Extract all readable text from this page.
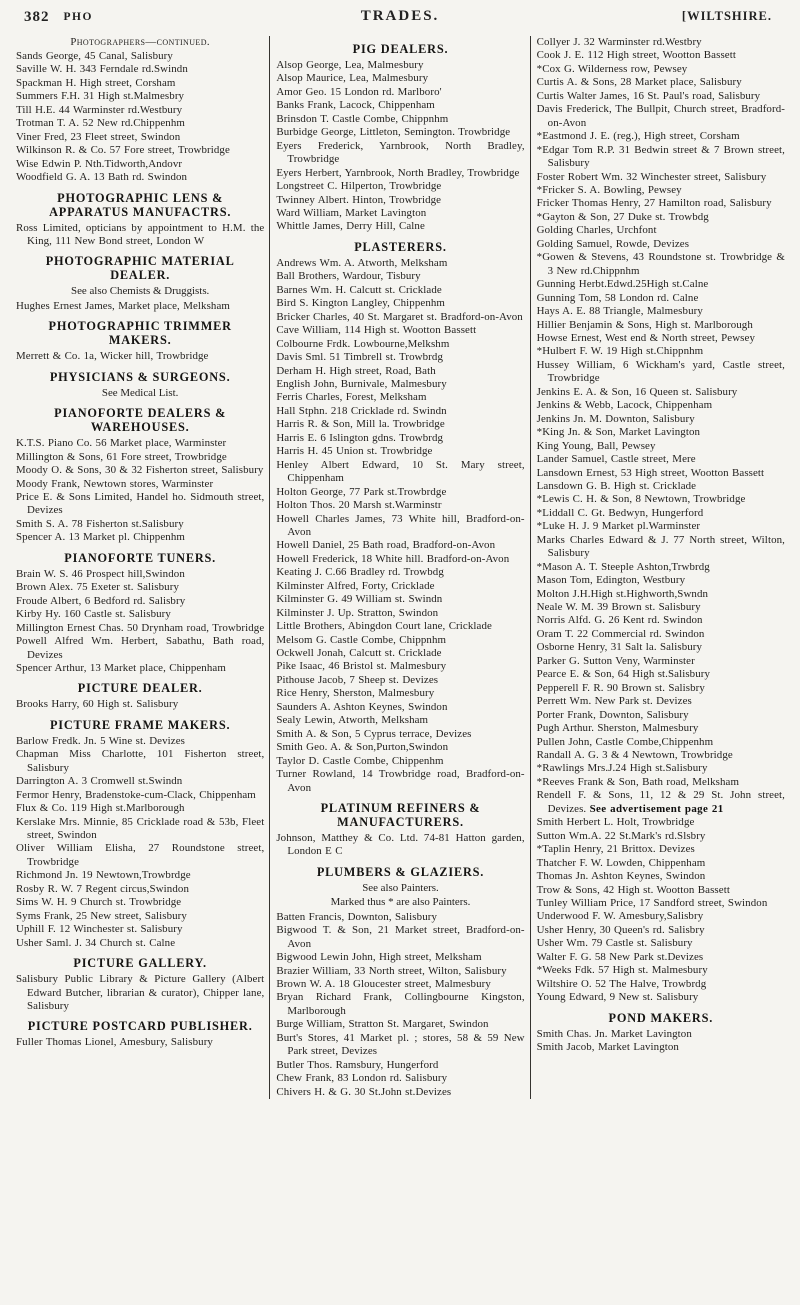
382 PHO	TRADES.	[WILTSHIRE.
Photographers—continued.

Sands George, 45 Canal, Salisbury

Saville W. H. 343 Ferndale rd.Swindn

Spackman H. High street, Corsham

Summers F.H. 31 High st.Malmesbry

Till H.E. 44 Warminster rd.Westbury

Trotman T. A. 52 New rd.Chippenhm

Viner Fred, 23 Fleet street, Swindon

Wilkinson R. & Co. 57 Fore street, Trowbridge

Wise Edwin P. Nth.Tidworth,Andovr

Woodfield G. A. 13 Bath rd. Swindon

PHOTOGRAPHIC LENS & APPARATUS MANUFACTRS.

Ross Limited, opticians by appointment to H.M. the King, 111 New Bond street, London W

PHOTOGRAPHIC MATERIAL DEALER.
See also Chemists & Druggists.

Hughes Ernest James, Market place, Melksham

PHOTOGRAPHIC TRIMMER MAKERS.

Merrett & Co. 1a, Wicker hill, Trowbridge

PHYSICIANS & SURGEONS.
See Medical List.
PIANOFORTE DEALERS & WAREHOUSES.

K.T.S. Piano Co. 56 Market place, Warminster

Millington & Sons, 61 Fore street, Trowbridge

Moody O. & Sons, 30 & 32 Fisherton street, Salisbury

Moody Frank, Newtown stores, Warminster

Price E. & Sons Limited, Handel ho. Sidmouth street, Devizes

Smith S. A. 78 Fisherton st.Salisbury

Spencer A. 13 Market pl. Chippenhm

PIANOFORTE TUNERS.

Brain W. S. 46 Prospect hill,Swindon

Brown Alex. 75 Exeter st. Salisbury

Froude Albert, 6 Bedford rd. Salisbry

Kirby Hy. 160 Castle st. Salisbury

Millington Ernest Chas. 50 Drynham road, Trowbridge

Powell Alfred Wm. Herbert, Sabathu, Bath road, Devizes

Spencer Arthur, 13 Market place, Chippenham

PICTURE DEALER.

Brooks Harry, 60 High st. Salisbury

PICTURE FRAME MAKERS.

Barlow Fredk. Jn. 5 Wine st. Devizes

Chapman Miss Charlotte, 101 Fisherton street, Salisbury

Darrington A. 3 Cromwell st.Swindn

Fermor Henry, Bradenstoke-cum-Clack, Chippenham

Flux & Co. 119 High st.Marlborough

Kerslake Mrs. Minnie, 85 Cricklade road & 53b, Fleet street, Swindon

Oliver William Elisha, 27 Roundstone street, Trowbridge

Richmond Jn. 19 Newtown,Trowbrdge

Rosby R. W. 7 Regent circus,Swindon

Sims W. H. 9 Church st. Trowbridge

Syms Frank, 25 New street, Salisbury

Uphill F. 12 Winchester st. Salisbury

Usher Saml. J. 34 Church st. Calne

PICTURE GALLERY.

Salisbury Public Library & Picture Gallery (Albert Edward Butcher, librarian & curator), Chipper lane, Salisbury

PICTURE POSTCARD PUBLISHER.

Fuller Thomas Lionel, Amesbury, Salisbury

PIG DEALERS.

Alsop George, Lea, Malmesbury

Alsop Maurice, Lea, Malmesbury

Amor Geo. 15 London rd. Marlboro'

Banks Frank, Lacock, Chippenham

Brinsdon T. Castle Combe, Chippnhm

Burbidge George, Littleton, Semington. Trowbridge

Eyers Frederick, Yarnbrook, North Bradley, Trowbridge

Eyers Herbert, Yarnbrook, North Bradley, Trowbridge

Longstreet C. Hilperton, Trowbridge

Twinney Albert. Hinton, Trowbridge

Ward William, Market Lavington

Whittle James, Derry Hill, Calne

PLASTERERS.

Andrews Wm. A. Atworth, Melksham

Ball Brothers, Wardour, Tisbury

Barnes Wm. H. Calcutt st. Cricklade

Bird S. Kington Langley, Chippenhm

Bricker Charles, 40 St. Margaret st. Bradford-on-Avon

Cave William, 114 High st. Wootton Bassett

Colbourne Frdk. Lowbourne,Melkshm

Davis Sml. 51 Timbrell st. Trowbrdg

Derham H. High street, Road, Bath

English John, Burnivale, Malmesbury

Ferris Charles, Forest, Melksham

Hall Stphn. 218 Cricklade rd. Swindn

Harris R. & Son, Mill la. Trowbridge

Harris E. 6 Islington gdns. Trowbrdg

Harris H. 45 Union st. Trowbridge

Henley Albert Edward, 10 St. Mary street, Chippenham

Holton George, 77 Park st.Trowbrdge

Holton Thos. 20 Marsh st.Warminstr

Howell Charles James, 73 White hill, Bradford-on-Avon

Howell Daniel, 25 Bath road, Bradford-on-Avon

Howell Frederick, 18 White hill. Bradford-on-Avon

Keating J. C.66 Bradley rd. Trowbdg

Kilminster Alfred, Forty, Cricklade

Kilminster G. 49 William st. Swindn

Kilminster J. Up. Stratton, Swindon

Little Brothers, Abingdon Court lane, Cricklade

Melsom G. Castle Combe, Chippnhm

Ockwell Jonah, Calcutt st. Cricklade

Pike Isaac, 46 Bristol st. Malmesbury

Pithouse Jacob, 7 Sheep st. Devizes

Rice Henry, Sherston, Malmesbury

Saunders A. Ashton Keynes, Swindon

Sealy Lewin, Atworth, Melksham

Smith A. & Son, 5 Cyprus terrace, Devizes

Smith Geo. A. & Son,Purton,Swindon

Taylor D. Castle Combe, Chippenhm

Turner Rowland, 14 Trowbridge road, Bradford-on-Avon

PLATINUM REFINERS & MANUFACTURERS.

Johnson, Matthey & Co. Ltd. 74-81 Hatton garden, London E C

PLUMBERS & GLAZIERS.
See also Painters.
Marked thus * are also Painters.

Batten Francis, Downton, Salisbury

Bigwood T. & Son, 21 Market street, Bradford-on-Avon

Bigwood Lewin John, High street, Melksham

Brazier William, 33 North street, Wilton, Salisbury

Brown W. A. 18 Gloucester street, Malmesbury

Bryan Richard Frank, Collingbourne Kingston, Marlborough

Burge William, Stratton St. Margaret, Swindon

Burt's Stores, 41 Market pl. ; stores, 58 & 59 New Park street, Devizes

Butler Thos. Ramsbury, Hungerford

Chew Frank, 83 London rd. Salisbury

Chivers H. & G. 30 St.John st.Devizes

Collyer J. 32 Warminster rd.Westbry

Cook J. E. 112 High street, Wootton Bassett

*Cox G. Wilderness row, Pewsey

Curtis A. & Sons, 28 Market place, Salisbury

Curtis Walter James, 16 St. Paul's road, Salisbury

Davis Frederick, The Bullpit, Church street, Bradford-on-Avon

*Eastmond J. E. (reg.), High street, Corsham

*Edgar Tom R.P. 31 Bedwin street & 7 Brown street, Salisbury

Foster Robert Wm. 32 Winchester street, Salisbury

*Fricker S. A. Bowling, Pewsey

Fricker Thomas Henry, 27 Hamilton road, Salisbury

*Gayton & Son, 27 Duke st. Trowbdg

Golding Charles, Urchfont

Golding Samuel, Rowde, Devizes

*Gowen & Stevens, 43 Roundstone st. Trowbridge & 3 New rd.Chippnhm

Gunning Herbt.Edwd.25High st.Calne

Gunning Tom, 58 London rd. Calne

Hays A. E. 88 Triangle, Malmesbury

Hillier Benjamin & Sons, High st. Marlborough

Howse Ernest, West end & North street, Pewsey

*Hulbert F. W. 19 High st.Chippnhm

Hussey William, 6 Wickham's yard, Castle street, Trowbridge

Jenkins E. A. & Son, 16 Queen st. Salisbury

Jenkins & Webb, Lacock, Chippenham

Jenkins Jn. M. Downton, Salisbury

*King Jn. & Son, Market Lavington

King Young, Ball, Pewsey

Lander Samuel, Castle street, Mere

Lansdown Ernest, 53 High street, Wootton Bassett

Lansdown G. B. High st. Cricklade

*Lewis C. H. & Son, 8 Newtown, Trowbridge

*Liddall C. Gt. Bedwyn, Hungerford

*Luke H. J. 9 Market pl.Warminster

Marks Charles Edward & J. 77 North street, Wilton, Salisbury

*Mason A. T. Steeple Ashton,Trwbrdg

Mason Tom, Edington, Westbury

Molton J.H.High st.Highworth,Swndn

Neale W. M. 39 Brown st. Salisbury

Norris Alfd. G. 26 Kent rd. Swindon

Oram T. 22 Commercial rd. Swindon

Osborne Henry, 31 Salt la. Salisbury

Parker G. Sutton Veny, Warminster

Pearce E. & Son, 64 High st.Salisbury

Pepperell F. R. 90 Brown st. Salisbry

Perrett Wm. New Park st. Devizes

Porter Frank, Downton, Salisbury

Pugh Arthur. Sherston, Malmesbury

Pullen John, Castle Combe,Chippenhm

Randall A. G. 3 & 4 Newtown, Trowbridge

*Rawlings Mrs.J.24 High st.Salisbury

*Reeves Frank & Son, Bath road, Melksham

Rendell F. & Sons, 11, 12 & 29 St. John street, Devizes. See advertisement page 21

Smith Herbert L. Holt, Trowbridge

Sutton Wm.A. 22 St.Mark's rd.Slsbry

*Taplin Henry, 21 Brittox. Devizes

Thatcher F. W. Lowden, Chippenham

Thomas Jn. Ashton Keynes, Swindon

Trow & Sons, 42 High st. Wootton Bassett

Tunley William Price, 17 Sandford street, Swindon

Underwood F. W. Amesbury,Salisbry

Usher Henry, 30 Queen's rd. Salisbry

Usher Wm. 79 Castle st. Salisbury

Walter F. G. 58 New Park st.Devizes

*Weeks Fdk. 57 High st. Malmesbury

Wiltshire O. 52 The Halve, Trowbrdg

Young Edward, 9 New st. Salisbury

POND MAKERS.

Smith Chas. Jn. Market Lavington

Smith Jacob, Market Lavington
